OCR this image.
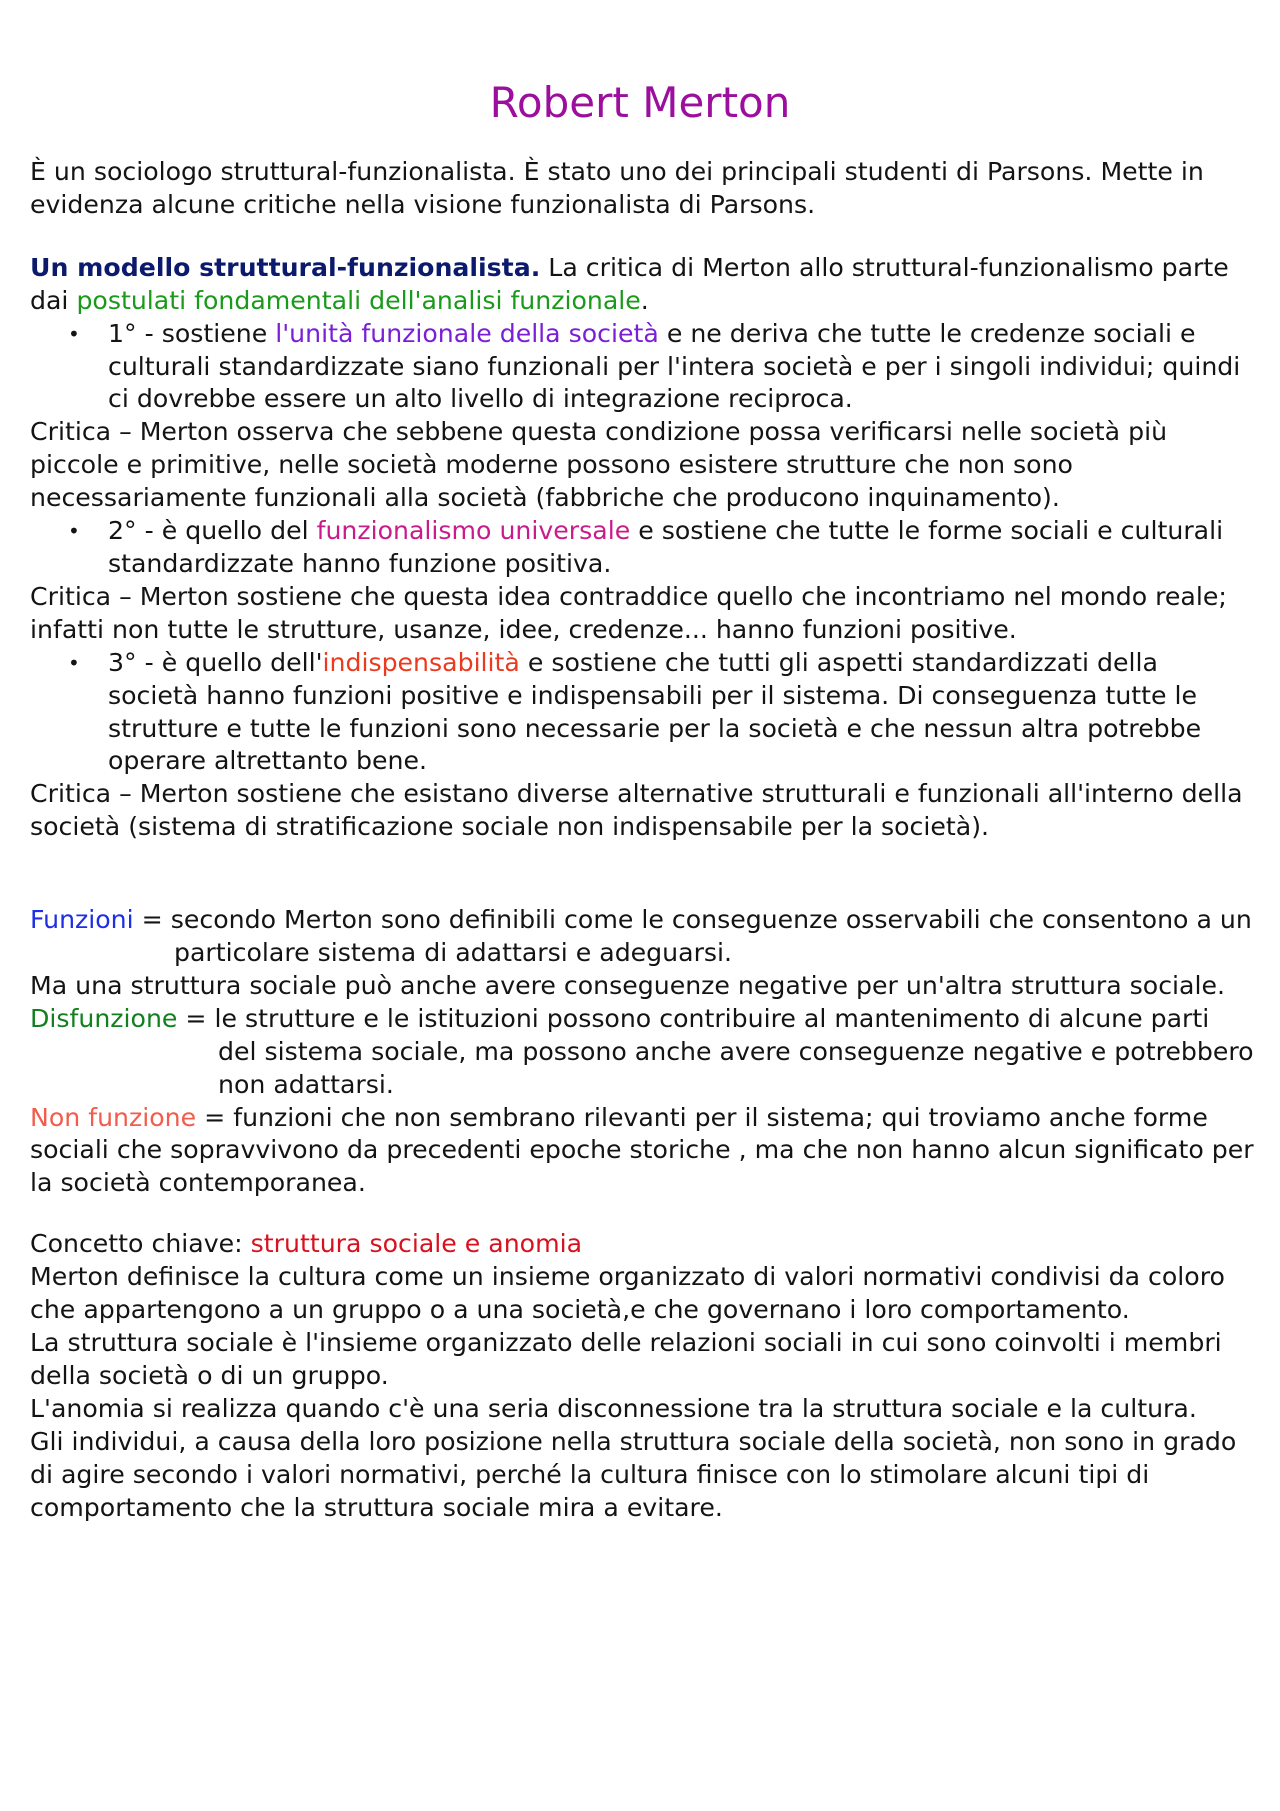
Robert Merton

È un sociologo struttural-funzionalista. È stato uno dei principali studenti di Parsons. Mette in evidenza alcune critiche nella visione funzionalista di Parsons.

Un modello struttural-funzionalista. La critica di Merton allo struttural-funzionalismo parte dai postulati fondamentali dell'analisi funzionale.

• 1° - sostiene l'unità funzionale della società e ne deriva che tutte le credenze sociali e culturali standardizzate siano funzionali per l'intera società e per i singoli individui; quindi ci dovrebbe essere un alto livello di integrazione reciproca.

Critica – Merton osserva che sebbene questa condizione possa verificarsi nelle società più piccole e primitive, nelle società moderne possono esistere strutture che non sono necessariamente funzionali alla società (fabbriche che producono inquinamento).

• 2° - è quello del funzionalismo universale e sostiene che tutte le forme sociali e culturali standardizzate hanno funzione positiva.

Critica – Merton sostiene che questa idea contraddice quello che incontriamo nel mondo reale; infatti non tutte le strutture, usanze, idee, credenze... hanno funzioni positive.

• 3° - è quello dell'indispensabilità e sostiene che tutti gli aspetti standardizzati della società hanno funzioni positive e indispensabili per il sistema. Di conseguenza tutte le strutture e tutte le funzioni sono necessarie per la società e che nessun altra potrebbe operare altrettanto bene.

Critica – Merton sostiene che esistano diverse alternative strutturali e funzionali all'interno della società (sistema di stratificazione sociale non indispensabile per la società).

Funzioni = secondo Merton sono definibili come le conseguenze osservabili che consentono a un particolare sistema di adattarsi e adeguarsi.

Ma una struttura sociale può anche avere conseguenze negative per un'altra struttura sociale.

Disfunzione = le strutture e le istituzioni possono contribuire al mantenimento di alcune parti del sistema sociale, ma possono anche avere conseguenze negative e potrebbero non adattarsi.

Non funzione = funzioni che non sembrano rilevanti per il sistema; qui troviamo anche forme sociali che sopravvivono da precedenti epoche storiche , ma che non hanno alcun significato per la società contemporanea.

Concetto chiave: struttura sociale e anomia

Merton definisce la cultura come un insieme organizzato di valori normativi condivisi da coloro che appartengono a un gruppo o a una società,e che governano i loro comportamento.

La struttura sociale è l'insieme organizzato delle relazioni sociali in cui sono coinvolti i membri della società o di un gruppo.

L'anomia si realizza quando c'è una seria disconnessione tra la struttura sociale e la cultura.

Gli individui, a causa della loro posizione nella struttura sociale della società, non sono in grado di agire secondo i valori normativi, perché la cultura finisce con lo stimolare alcuni tipi di comportamento che la struttura sociale mira a evitare.
